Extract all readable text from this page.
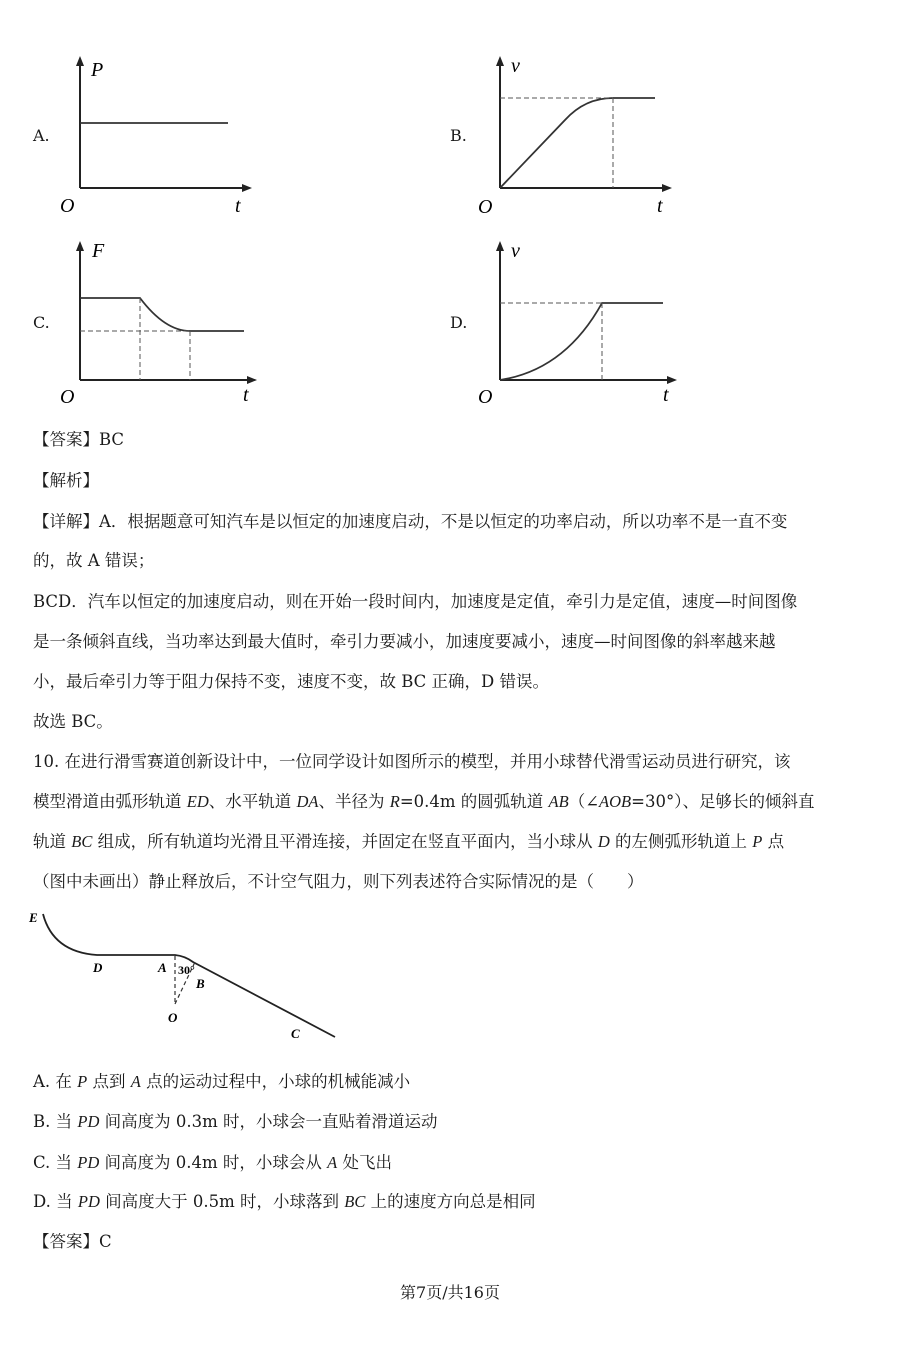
A.
P
t
O
B.
v
t
O
C.
F
t
O
D.
v
t
O
【答案】BC
【解析】
【详解】A．根据题意可知汽车是以恒定的加速度启动，不是以恒定的功率启动，所以功率不是一直不变
的，故 A 错误；
BCD．汽车以恒定的加速度启动，则在开始一段时间内，加速度是定值，牵引力是定值，速度—时间图像
是一条倾斜直线，当功率达到最大值时，牵引力要减小，加速度要减小，速度—时间图像的斜率越来越
小，最后牵引力等于阻力保持不变，速度不变，故 BC 正确，D 错误。
故选 BC。
10. 在进行滑雪赛道创新设计中，一位同学设计如图所示的模型，并用小球替代滑雪运动员进行研究，该
模型滑道由弧形轨道 ED、水平轨道 DA、半径为 R=0.4m 的圆弧轨道 AB（∠AOB=30°）、足够长的倾斜直
轨道 BC 组成，所有轨道均光滑且平滑连接，并固定在竖直平面内，当小球从 D 的左侧弧形轨道上 P 点
（图中未画出）静止释放后，不计空气阻力，则下列表述符合实际情况的是（　　）
E
D	A 30°
B
O
C
A. 在 P 点到 A 点的运动过程中，小球的机械能减小
B. 当 PD 间高度为 0.3m 时，小球会一直贴着滑道运动
C. 当 PD 间高度为 0.4m 时，小球会从 A 处飞出
D. 当 PD 间高度大于 0.5m 时，小球落到 BC 上的速度方向总是相同
【答案】C
第7页/共16页
